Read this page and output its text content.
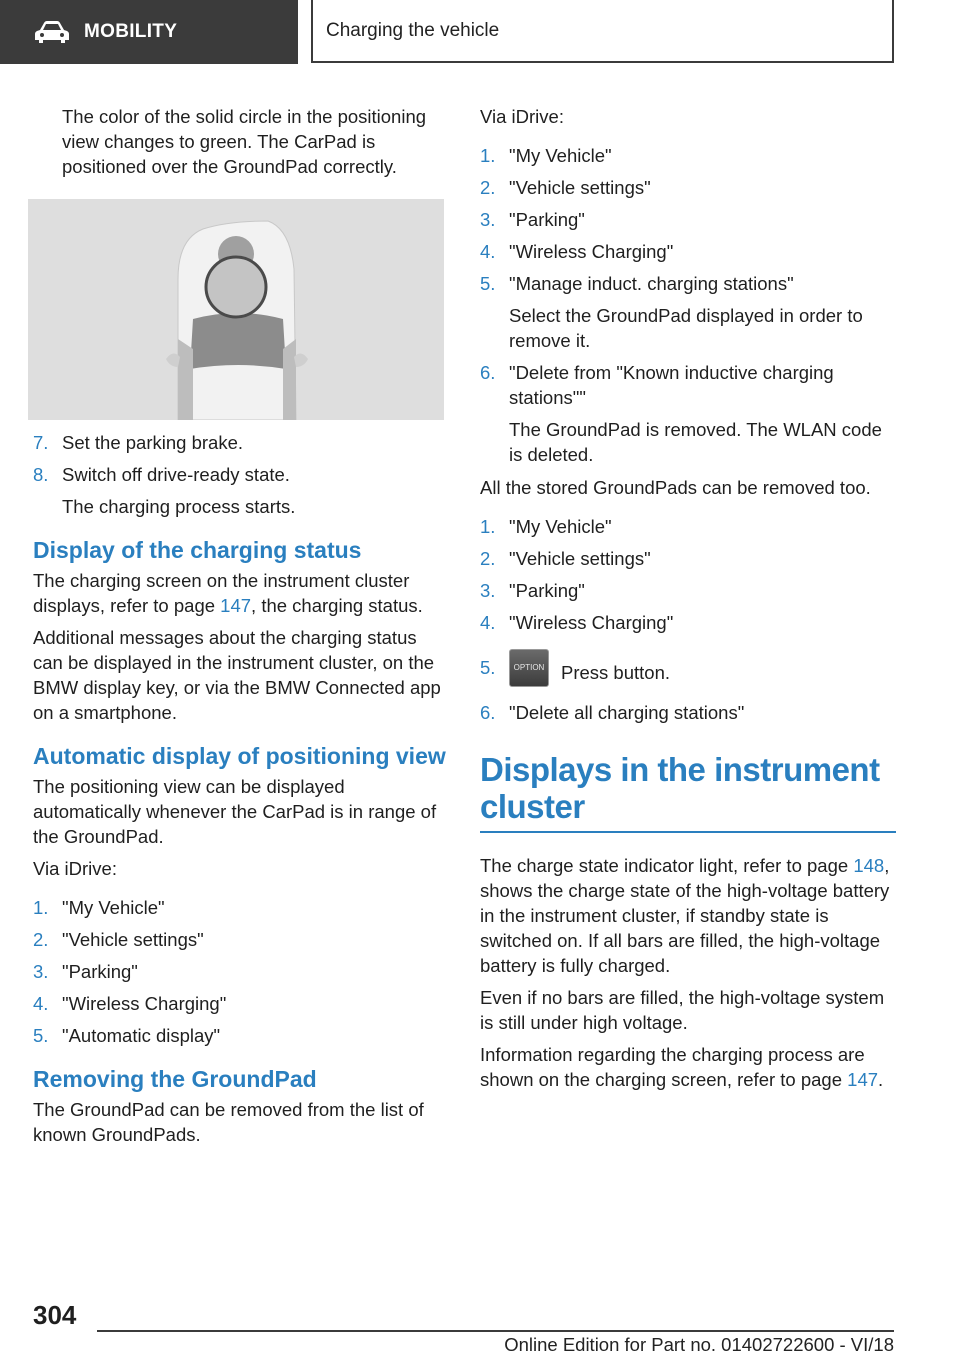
MOBILITY	Charging the vehicle

The color of the solid circle in the positioning view changes to green. The CarPad is positioned over the GroundPad correctly.

7. Set the parking brake.
8. Switch off drive-ready state.
The charging process starts.
Display of the charging status

The charging screen on the instrument cluster displays, refer to page 147, the charging status.

Additional messages about the charging status can be displayed in the instrument cluster, on the BMW display key, or via the BMW Connected app on a smartphone.

Automatic display of positioning view

The positioning view can be displayed automatically whenever the CarPad is in range of the GroundPad.

Via iDrive:

1. "My Vehicle"
2. "Vehicle settings"
3. "Parking"
4. "Wireless Charging"
5. "Automatic display"
Removing the GroundPad

The GroundPad can be removed from the list of known GroundPads.

Via iDrive:

1. "My Vehicle"
2. "Vehicle settings"
3. "Parking"
4. "Wireless Charging"
5. "Manage induct. charging stations"
Select the GroundPad displayed in order to remove it.
6. "Delete from "Known inductive charging stations""
The GroundPad is removed. The WLAN code is deleted.

All the stored GroundPads can be removed too.

1. "My Vehicle"
2. "Vehicle settings"
3. "Parking"
4. "Wireless Charging"
5. OPTION Press button.
6. "Delete all charging stations"
Displays in the instrument cluster

The charge state indicator light, refer to page 148, shows the charge state of the high-voltage battery in the instrument cluster, if standby state is switched on. If all bars are filled, the high-voltage battery is fully charged.

Even if no bars are filled, the high-voltage system is still under high voltage.

Information regarding the charging process are shown on the charging screen, refer to page 147.

304
Online Edition for Part no. 01402722600 - VI/18
